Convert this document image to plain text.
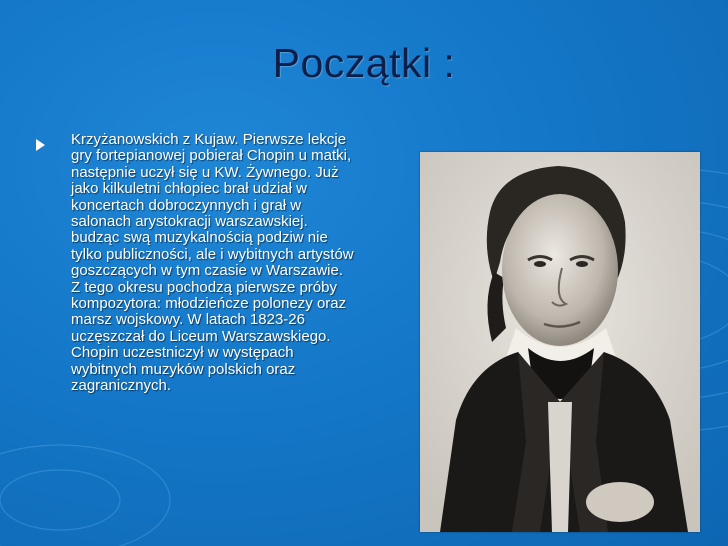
Początki :
Krzyżanowskich z Kujaw. Pierwsze lekcje gry fortepianowej pobierał Chopin u matki, następnie uczył się u KW. Żywnego. Już jako kilkuletni chłopiec brał udział w koncertach dobroczynnych i grał w salonach arystokracji warszawskiej. budząc swą muzykalnością podziw nie tylko publiczności, ale i wybitnych artystów goszczących w tym czasie w Warszawie. Z tego okresu pochodzą pierwsze próby kompozytora: młodzieńcze polonezy oraz marsz wojskowy. W latach 1823-26 uczęszczał do Liceum Warszawskiego. Chopin uczestniczył w występach wybitnych muzyków polskich oraz zagranicznych.
